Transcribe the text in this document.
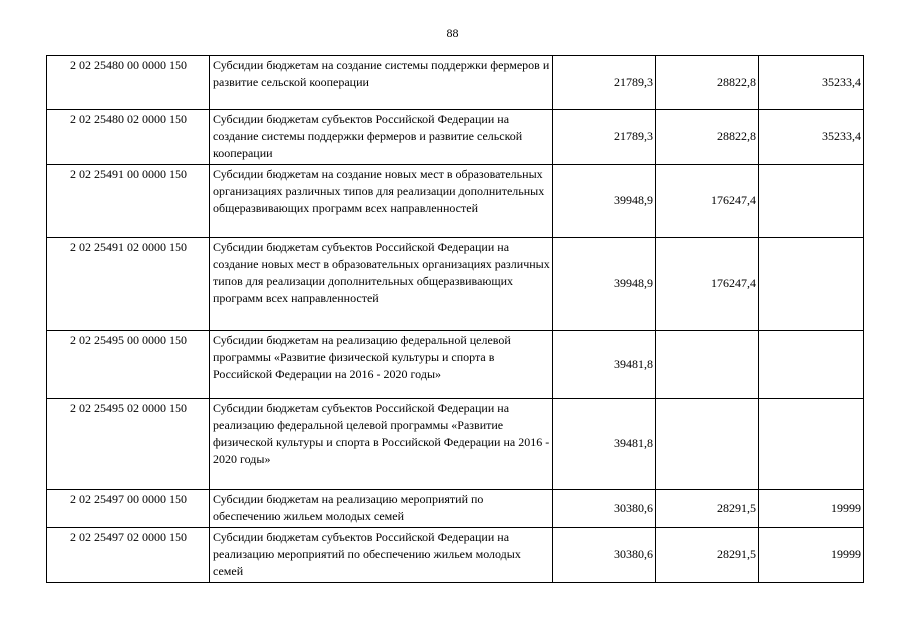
88
2 02 25480 00 0000 150	Субсидии бюджетам на создание системы поддержки фермеров и развитие сельской кооперации	21789,3	28822,8	35233,4
2 02 25480 02 0000 150	Субсидии бюджетам субъектов Российской Федерации на создание системы поддержки фермеров и развитие сельской кооперации	21789,3	28822,8	35233,4
2 02 25491 00 0000 150	Субсидии бюджетам на создание новых мест в образовательных организациях различных типов для реализации дополнительных общеразвивающих программ всех направленностей	39948,9	176247,4	
2 02 25491 02 0000 150	Субсидии бюджетам субъектов Российской Федерации на создание новых мест в образовательных организациях различных типов для реализации дополнительных общеразвивающих программ всех направленностей	39948,9	176247,4	
2 02 25495 00 0000 150	Субсидии бюджетам на реализацию федеральной целевой программы «Развитие физической культуры и спорта в Российской Федерации на 2016 - 2020 годы»	39481,8		
2 02 25495 02 0000 150	Субсидии бюджетам субъектов Российской Федерации на реализацию федеральной целевой программы «Развитие физической культуры и спорта в Российской Федерации на 2016 - 2020 годы»	39481,8		
2 02 25497 00 0000 150	Субсидии бюджетам на реализацию мероприятий по обеспечению жильем молодых семей	30380,6	28291,5	19999
2 02 25497 02 0000 150	Субсидии бюджетам субъектов Российской Федерации на реализацию мероприятий по обеспечению жильем молодых семей	30380,6	28291,5	19999
